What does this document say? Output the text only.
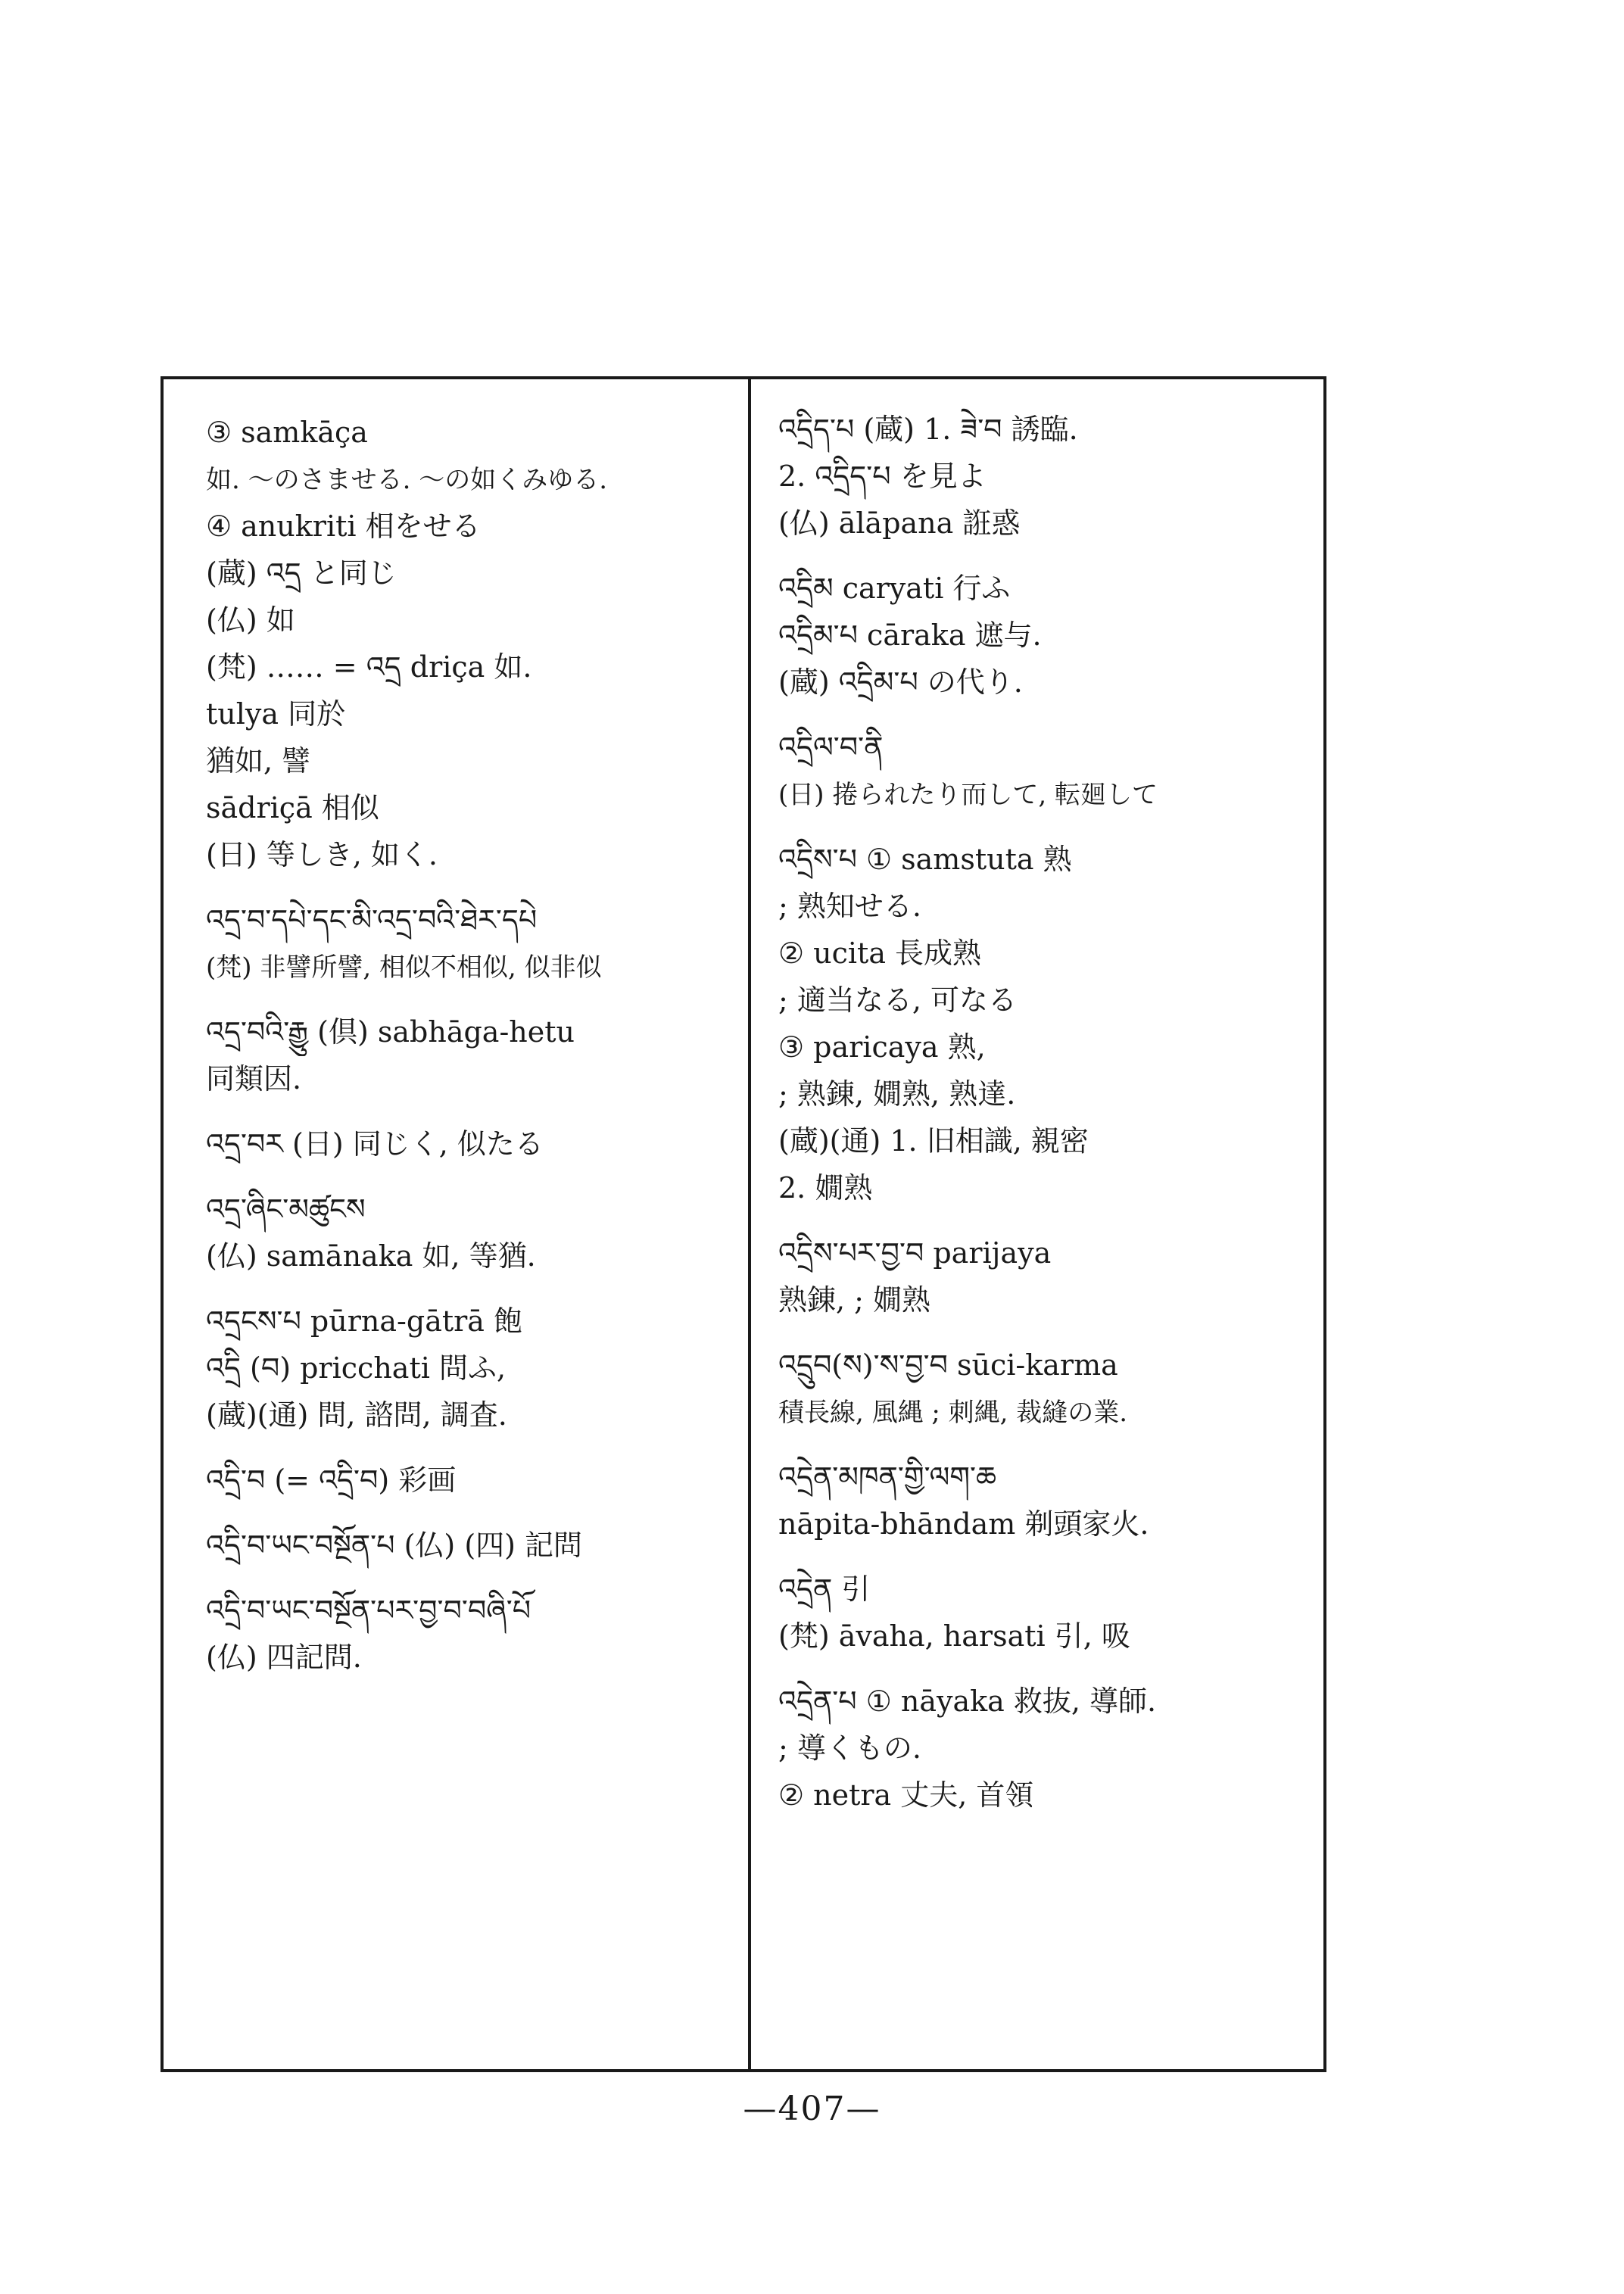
③ samkāça
如. 〜のさませる. 〜の如くみゆる.
④ anukriti 相をせる
(蔵) འདྲ と同じ
(仏) 如
(梵) …… = འདྲ driça 如.
tulya 同於
猶如, 譬
sādriçā 相似
(日) 等しき, 如く.
འདྲ་བ་དཔེ་དང་མི་འདྲ་བའི་ཐེར་དཔེ
(梵) 非譬所譬, 相似不相似, 似非似
འདྲ་བའི་རྒྱུ (倶) sabhāga-hetu
同類因.
འདྲ་བར (日) 同じく, 似たる
འདྲ་ཞིང་མཚུངས
(仏) samānaka 如, 等猶.
འདྲངས་པ pūrna-gātrā 飽
འདྲི (བ) pricchati 問ふ,
(蔵)(通) 問, 諮問, 調査.
འདྲི་བ (= འདྲི་བ) 彩画
འདྲི་བ་ཡང་བསྔོན་པ (仏) (四) 記問
འདྲི་བ་ཡང་བསྔོན་པར་བྱ་བ་བཞི་པོ
(仏) 四記問.
འདྲིད་པ (蔵) 1. ཟེ་བ 誘臨.
2. འདྲིད་པ を見よ
(仏) ālāpana 誑惑
འདྲིམ caryati 行ふ
འདྲིམ་པ cāraka 遮与.
(蔵) འདྲིམ་པ の代り.
འདྲིལ་བ་ནི
(日) 捲られたり而して, 転廻して
འདྲིས་པ ① samstuta 熟
; 熟知せる.
② ucita 長成熟
; 適当なる, 可なる
③ paricaya 熟,
; 熟錬, 嫺熟, 熟達.
(蔵)(通) 1. 旧相識, 親密
2. 嫺熟
འདྲིས་པར་བྱ་བ parijaya
熟錬, ; 嫺熟
འདྲུབ(ས)་ས་བྱ་བ sūci-karma
積長線, 風縄 ; 刺縄, 裁縫の業.
འདྲེན་མཁན་གྱི་ལག་ཆ
nāpita-bhāndam 剃頭家火.
འདྲེན 引
(梵) āvaha, harsati 引, 吸
འདྲེན་པ ① nāyaka 救抜, 導師.
; 導くもの.
② netra 丈夫, 首領
—407—
